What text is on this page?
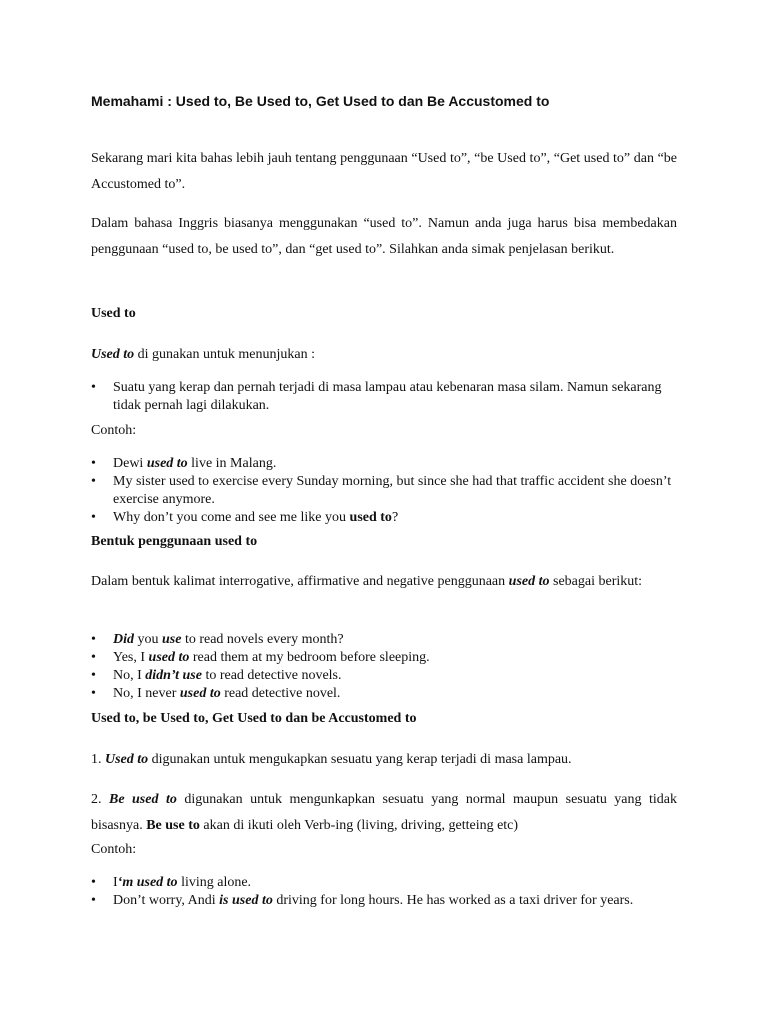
Memahami : Used to, Be Used to, Get Used to dan Be Accustomed to

Sekarang mari kita bahas lebih jauh tentang penggunaan “Used to”, “be Used to”, “Get used to” dan “be Accustomed to”.

Dalam bahasa Inggris biasanya menggunakan “used to”. Namun anda juga harus bisa membedakan penggunaan “used to, be used to”, dan “get used to”. Silahkan anda simak penjelasan berikut.

Used to

Used to di gunakan untuk menunjukan :

• Suatu yang kerap dan pernah terjadi di masa lampau atau kebenaran masa silam. Namun sekarang tidak pernah lagi dilakukan.

Contoh:

• Dewi used to live in Malang.
• My sister used to exercise every Sunday morning, but since she had that traffic accident she doesn’t exercise anymore.
• Why don’t you come and see me like you used to?

Bentuk penggunaan used to

Dalam bentuk kalimat interrogative, affirmative and negative penggunaan used to sebagai berikut:

• Did you use to read novels every month?
• Yes, I used to read them at my bedroom before sleeping.
• No, I didn’t use to read detective novels.
• No, I never used to read detective novel.

Used to, be Used to, Get Used to dan be Accustomed to

1. Used to digunakan untuk mengukapkan sesuatu yang kerap terjadi di masa lampau.

2. Be used to digunakan untuk mengunkapkan sesuatu yang normal maupun sesuatu yang tidak bisasnya. Be use to akan di ikuti oleh Verb-ing (living, driving, getteing etc)

Contoh:

• I‘m used to living alone.
• Don’t worry, Andi is used to driving for long hours. He has worked as a taxi driver for years.
